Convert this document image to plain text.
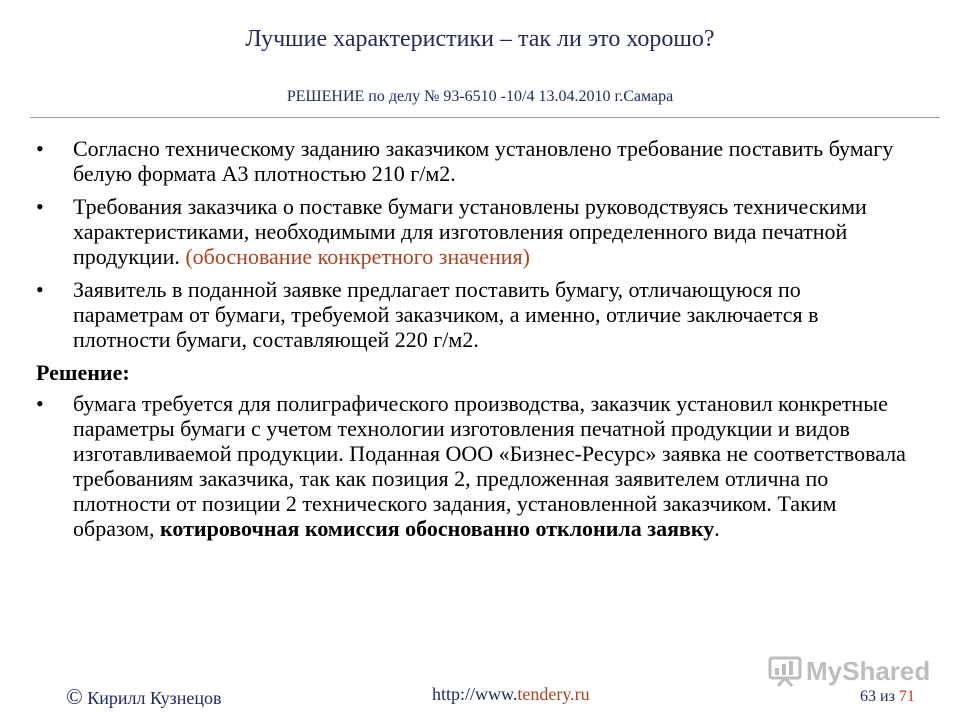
Лучшие характеристики – так ли это хорошо?
РЕШЕНИЕ по делу № 93-6510 -10/4 13.04.2010 г.Самара
• Согласно техническому заданию заказчиком установлено требование поставить бумагу белую формата А3 плотностью 210 г/м2.
• Требования заказчика о поставке бумаги установлены руководствуясь техническими характеристиками, необходимыми для изготовления определенного вида печатной продукции. (обоснование конкретного значения)
• Заявитель в поданной заявке предлагает поставить бумагу, отличающуюся по параметрам от бумаги, требуемой заказчиком, а именно, отличие заключается в плотности бумаги, составляющей 220 г/м2.
Решение:
• бумага требуется для полиграфического производства, заказчик установил конкретные параметры бумаги с учетом технологии изготовления печатной продукции и видов изготавливаемой продукции. Поданная ООО «Бизнес-Ресурс» заявка не соответствовала требованиям заказчика, так как позиция 2, предложенная заявителем отлична по плотности от позиции 2 технического задания, установленной заказчиком. Таким образом, котировочная комиссия обоснованно отклонила заявку.
© Кирилл Кузнецов	http://www.tendery.ru	63 из 71
MyShared
